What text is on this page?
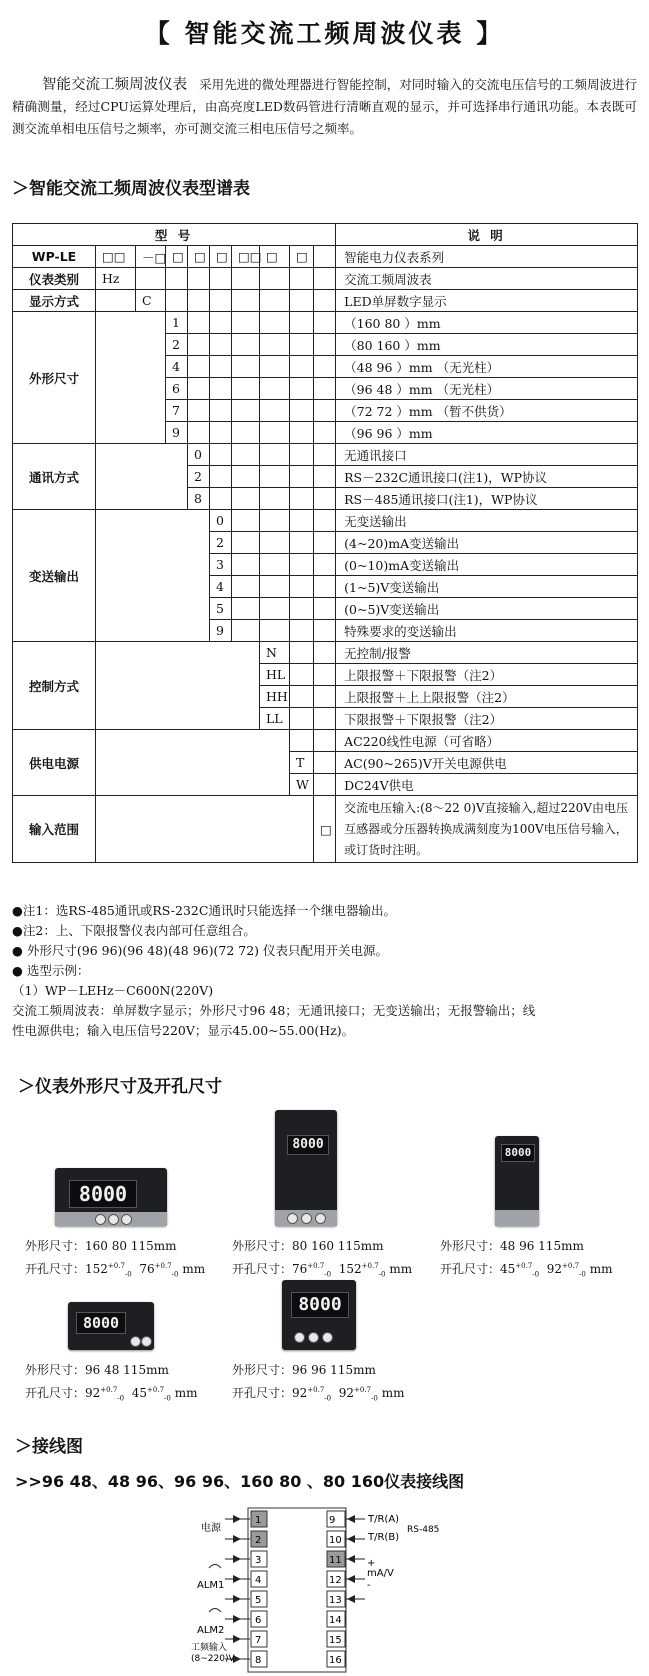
【 智能交流工频周波仪表 】
智能交流工频周波仪表 采用先进的微处理器进行智能控制，对同时输入的交流电压信号的工频周波进行精确测量，经过CPU运算处理后，由高亮度LED数码管进行清晰直观的显示，并可选择串行通讯功能。本表既可测交流单相电压信号之频率，亦可测交流三相电压信号之频率。
＞智能交流工频周波仪表型谱表
型 号										说 明
WP-LE	□□	－□	□	□	□	□□	□	□		智能电力仪表系列
仪表类别	Hz									交流工频周波表
显示方式		C								LED单屏数字显示
外形尺寸			1							（160 80 ）mm
			2							（80 160 ）mm
			4							（48 96 ）mm （无光柱）
			6							（96 48 ）mm （无光柱）
			7							（72 72 ）mm （暂不供货）
			9							（96 96 ）mm
通讯方式				0						无通讯接口
				2						RS－232C通讯接口(注1)，WP协议
				8						RS－485通讯接口(注1)，WP协议
变送输出					0					无变送输出
					2					(4~20)mA变送输出
					3					(0~10)mA变送输出
					4					(1~5)V变送输出
					5					(0~5)V变送输出
					9					特殊要求的变送输出
控制方式							N			无控制/报警
							HL			上限报警＋下限报警（注2）
							HH			上限报警＋上上限报警（注2）
							LL			下限报警＋下限报警（注2）
供电电源										AC220线性电源（可省略）
								T		AC(90~265)V开关电源供电
								W		DC24V供电
输入范围									□	交流电压输入:(8～22 0)V直接输入,超过220V由电压互感器或分压器转换成满刻度为100V电压信号输入，或订货时注明。
●注1：选RS-485通讯或RS-232C通讯时只能选择一个继电器输出。
●注2：上、下限报警仪表内部可任意组合。
● 外形尺寸(96 96)(96 48)(48 96)(72 72) 仪表只配用开关电源。
● 选型示例：
（1）WP－LEHz－C600N(220V)
交流工频周波表：单屏数字显示；外形尺寸96 48；无通讯接口；无变送输出；无报警输出；线
性电源供电；输入电压信号220V；显示45.00~55.00(Hz)。
＞仪表外形尺寸及开孔尺寸
8000
8000
8000
8000
8000
外形尺寸：160 80 115mm
开孔尺寸：$152^{+0.7}_{-0}$ $76^{+0.7}_{-0}$ mm
外形尺寸：80 160 115mm
开孔尺寸：$76^{+0.7}_{-0}$ $152^{+0.7}_{-0}$ mm
外形尺寸：48 96 115mm
开孔尺寸：$45^{+0.7}_{-0}$ $92^{+0.7}_{-0}$ mm
外形尺寸：96 48 115mm
开孔尺寸：$92^{+0.7}_{-0}$ $45^{+0.7}_{-0}$ mm
外形尺寸：96 96 115mm
开孔尺寸：$92^{+0.7}_{-0}$ $92^{+0.7}_{-0}$ mm
＞接线图
>>96 48、48 96、96 96、160 80 、80 160仪表接线图
1
2
3
4
5
6
7
8
9
10
11
12
13
14
15
16
电源
ALM1
ALM2
工频输入
(8~220)V
T/R(A)
T/R(B)
RS-485
+
mA/V
-
